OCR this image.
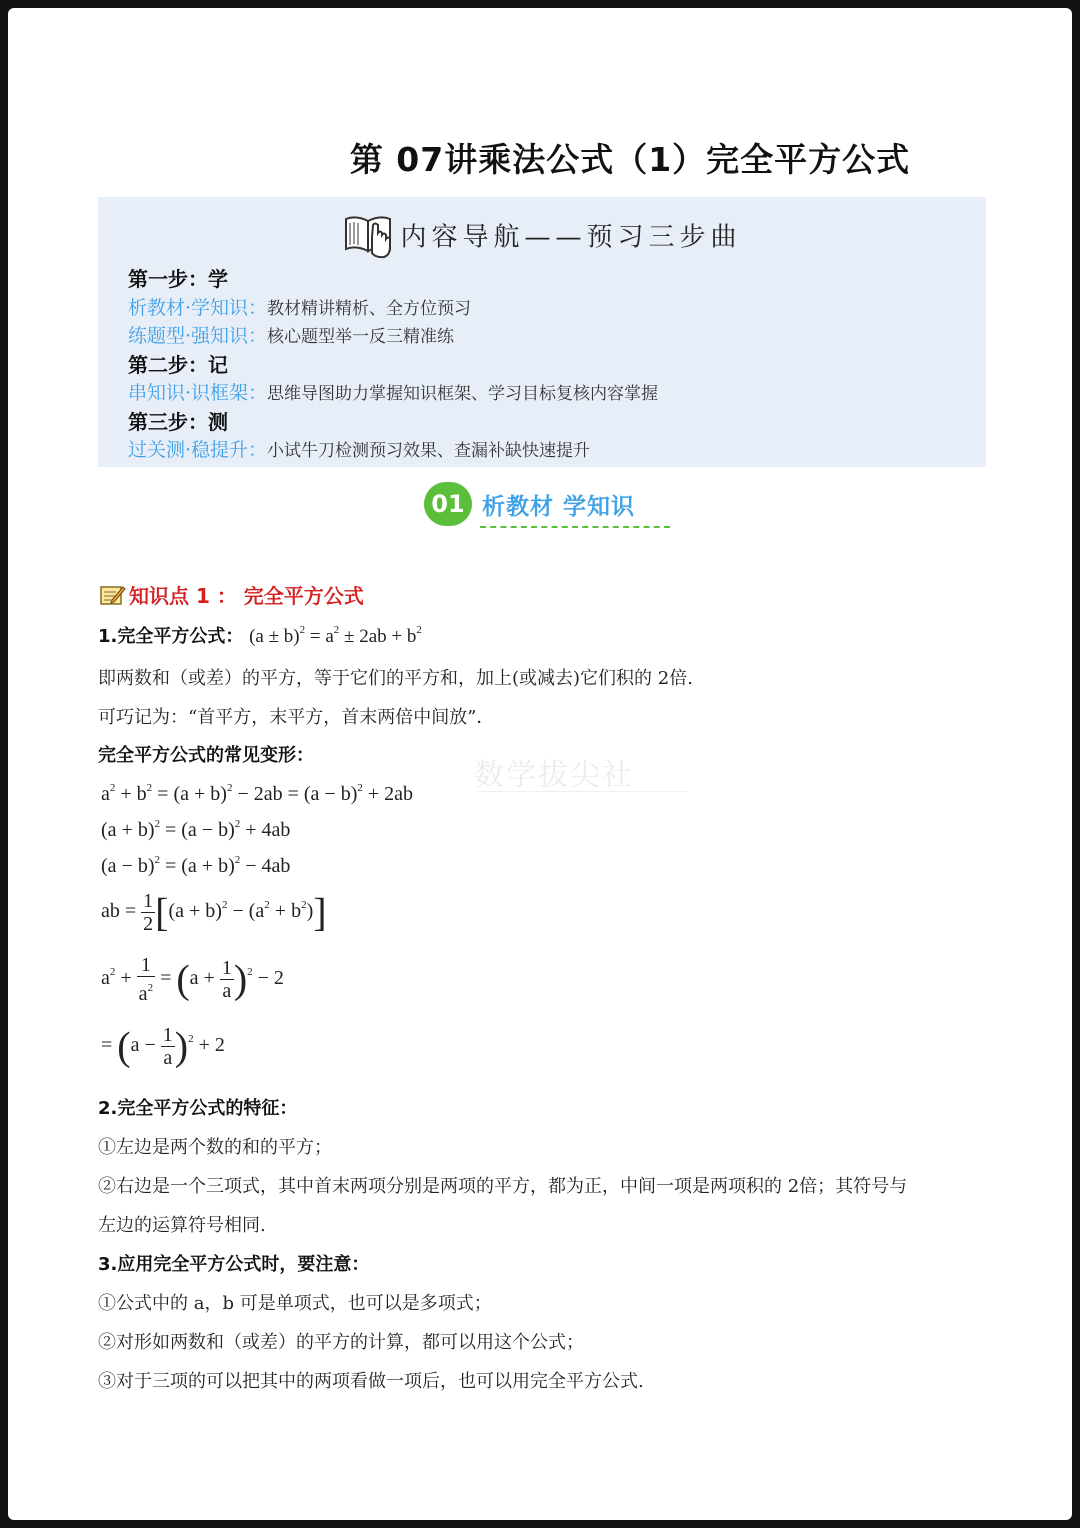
第 07讲乘法公式（1）完全平方公式
内容导航——预习三步曲
第一步：学
析教材·学知识：教材精讲精析、全方位预习
练题型·强知识：核心题型举一反三精准练
第二步：记
串知识·识框架：思维导图助力掌握知识框架、学习目标复核内容掌握
第三步：测
过关测·稳提升：小试牛刀检测预习效果、查漏补缺快速提升
01 析教材 学知识
知识点 1 ： 完全平方公式
数学拔尖社
1.完全平方公式： $(a \pm b)^2 = a^2 \pm 2ab + b^2$
即两数和（或差）的平方，等于它们的平方和，加上(或减去)它们积的 2倍.
可巧记为：“首平方，末平方，首末两倍中间放”．
完全平方公式的常见变形：
$a^2 + b^2 = (a + b)^2 - 2ab = (a - b)^2 + 2ab$
$(a + b)^2 = (a - b)^2 + 4ab$
$(a - b)^2 = (a + b)^2 - 4ab$
ab = $\frac{1}{2} [(a + b)^2 - (a^2 + b^2)]$
$a^2 + \frac{1}{a^2} = (a + \frac{1}{a} )^2 - 2$
= $(a - \frac{1}{a} )^2 + 2$
2.完全平方公式的特征：
①左边是两个数的和的平方；
②右边是一个三项式，其中首末两项分别是两项的平方，都为正，中间一项是两项积的 2倍；其符号与
左边的运算符号相同.
3.应用完全平方公式时，要注意：
①公式中的 a，b 可是单项式，也可以是多项式；
②对形如两数和（或差）的平方的计算，都可以用这个公式；
③对于三项的可以把其中的两项看做一项后，也可以用完全平方公式.
